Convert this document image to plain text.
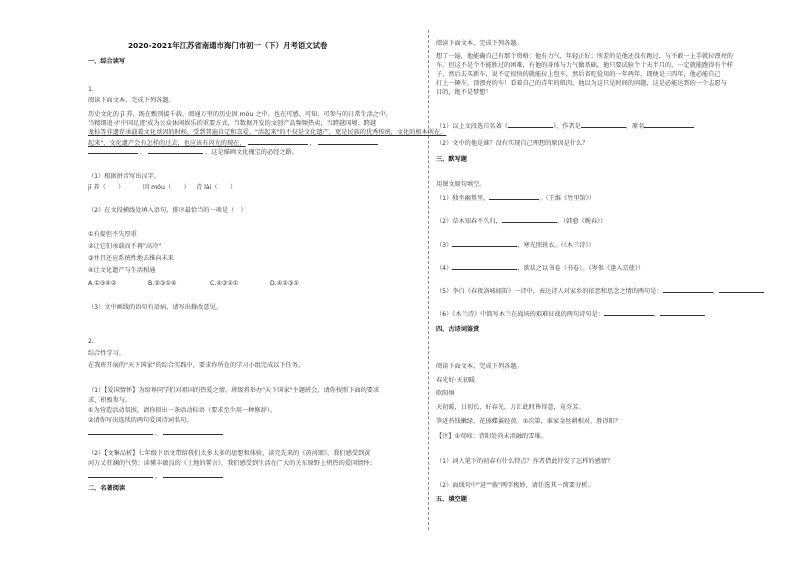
2020-2021年江苏省南通市海门市初一（下）月考语文试卷
一、综合读写
1.
阅读下面文本，完成下列各题。
历史文化的 jī 养，既在甄别接千载、阅通万里的历史因 móu 之中，也在可感、可知、可参与的日常生活之中。
当精细追寻'中国足迹'成为公众休闲娱乐的重要方式，当数据开发的文创产品频频热卖，当跨越国境、跨越
龙标等非遗存承载着文化基因的时候，受到普遍肯定和喜爱。"活起来"的不仅是文化遗产，更是民族的优秀传统，文化的根本所在。
起来"，文化遗产会有怎样的过去，也应该有闪光的现在，	，
，	，这是描画文化瑰宝的必经之路。
（1）根据拼音写出汉字。
jī 养（　　）	因 móu（　　） 青 lài（　　）
（2）在文段横线处填入语句，排序最恰当的一项是（　）
①有提但不失厚重
②让它们承载而不再"高冷"
③并且还应系统性地去推向未来
④让文化遗产与生活相通
A.①③④②	B.②③①④	C.④③②①	D.④②③①
（3）文中画线的语句有语病，请写出修改意见。
2.
综合性学习。
在我班开展的"天下国家"的综合实践中，要求你所在的学习小组完成以下任务。
（1）【爱国情怀】为给界同学们对祖国的热爱之情，班级将举办"天下国家"主题班会，请你按照下面的要求
求，积极参与。
①为营造活动氛围，请你拟出一条活动标语（要求至少用一种修辞）。
②请你写出连续的两句爱国诗词名句。
，
（2）【文集品析】七年级下语文带给我们太多太多的思想和体验，读完先来的《黄河颂》，我们感受到黄
河万丈狂澜的气势；读懂丰蕴良的《土地的誓言》，我们感受到生活在广大的关东原野上炽热的爱国情怀；
，
二、名著阅读
阅读下面文本，完成下列各题。
想了一遍，他能确自己有那个资格：他有力气，年轻正好；所差的是他还没有跑过，与不敢一上手就拉漂亮的
车。但这不是个不能胜过的困难，有他的身体与力气做基础，他只要试验个十天半月的，一定就能跑得有个样
子，然后去买新车，说不定很快的就能拉上包车，然后省吃俭用的一年两年，即便是三四年，他必能自己
打上一辆车，顶漂亮的车！看着自己的青年的肌肉，他以为这只是时间的问题，这是必能达到的一个志愿与
目的，绝不是梦想！
（1）以上文段选自名著《	》，作者是	，原名
（2）文中的他是谁？没有实现自己理想的原因是什么？
三、默写题
用课文原句填空。
（1）独坐幽篁里，	。（王维《竹里馆》）
（2）草木知春不久归，	。（韩愈《晚春》）
（3）	，寒光照铁衣。（《木兰诗》）
（4）	，欲祛之以书卷（书卷）。（岑参《逢入京使》）
（5）李白《春夜洛城闻笛》一诗中，表达诗人对家乡的依恋和思念之情的两句是：	，
（6）《木兰诗》中简写木兰在战场的艰难征战的两句诗句是：	，
四、古诗词鉴赏
阅读下面文本，完成下列各题。
春光好·天初暖
欧阳炯
天初暖，日初长，好春光。万汇此时皆得意，竟芬芳。
笋迸苔钱嫩绿，花披蝶翼轻黄。①次第，谁家金丝耕相对，胜得阳？
【注】①莺啼：背阳处尚未消融的雪堆。
（1）词人笔下的初春有什么特点？作者借此抒发了怎样的感情？
（2）面线句中"迸""披"两字极妙，请任选其一简要分析。
五、填空题
